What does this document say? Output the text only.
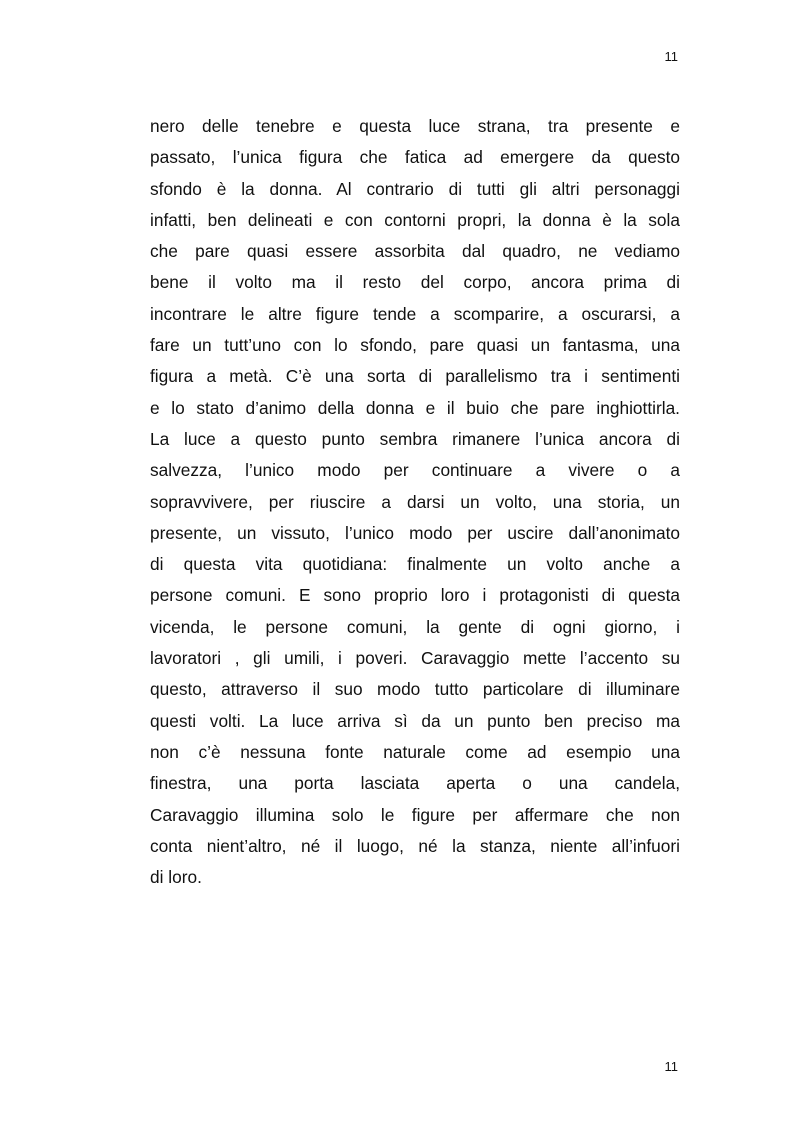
11
nero delle tenebre e questa luce strana, tra presente e
passato, l’unica figura che fatica ad emergere da questo
sfondo è la donna. Al contrario di tutti gli altri personaggi
infatti, ben delineati e con contorni propri, la donna è la sola
che pare quasi essere assorbita dal quadro, ne vediamo
bene il volto ma il resto del corpo, ancora prima di
incontrare le altre figure tende a scomparire, a oscurarsi, a
fare un tutt’uno con lo sfondo, pare quasi un fantasma, una
figura a metà. C’è una sorta di parallelismo tra i sentimenti
e lo stato d’animo della donna e il buio che pare inghiottirla.
La luce a questo punto sembra rimanere l’unica ancora di
salvezza, l’unico modo per continuare a vivere o a
sopravvivere, per riuscire a darsi un volto, una storia, un
presente, un vissuto, l’unico modo per uscire dall’anonimato
di questa vita quotidiana: finalmente un volto anche a
persone comuni. E sono proprio loro i protagonisti di questa
vicenda, le persone comuni, la gente di ogni giorno, i
lavoratori , gli umili, i poveri. Caravaggio mette l’accento su
questo, attraverso il suo modo tutto particolare di illuminare
questi volti. La luce arriva sì da un punto ben preciso ma
non c’è nessuna fonte naturale come ad esempio una
finestra, una porta lasciata aperta o una candela,
Caravaggio illumina solo le figure per affermare che non
conta nient’altro, né il luogo, né la stanza, niente all’infuori
di loro.
11
